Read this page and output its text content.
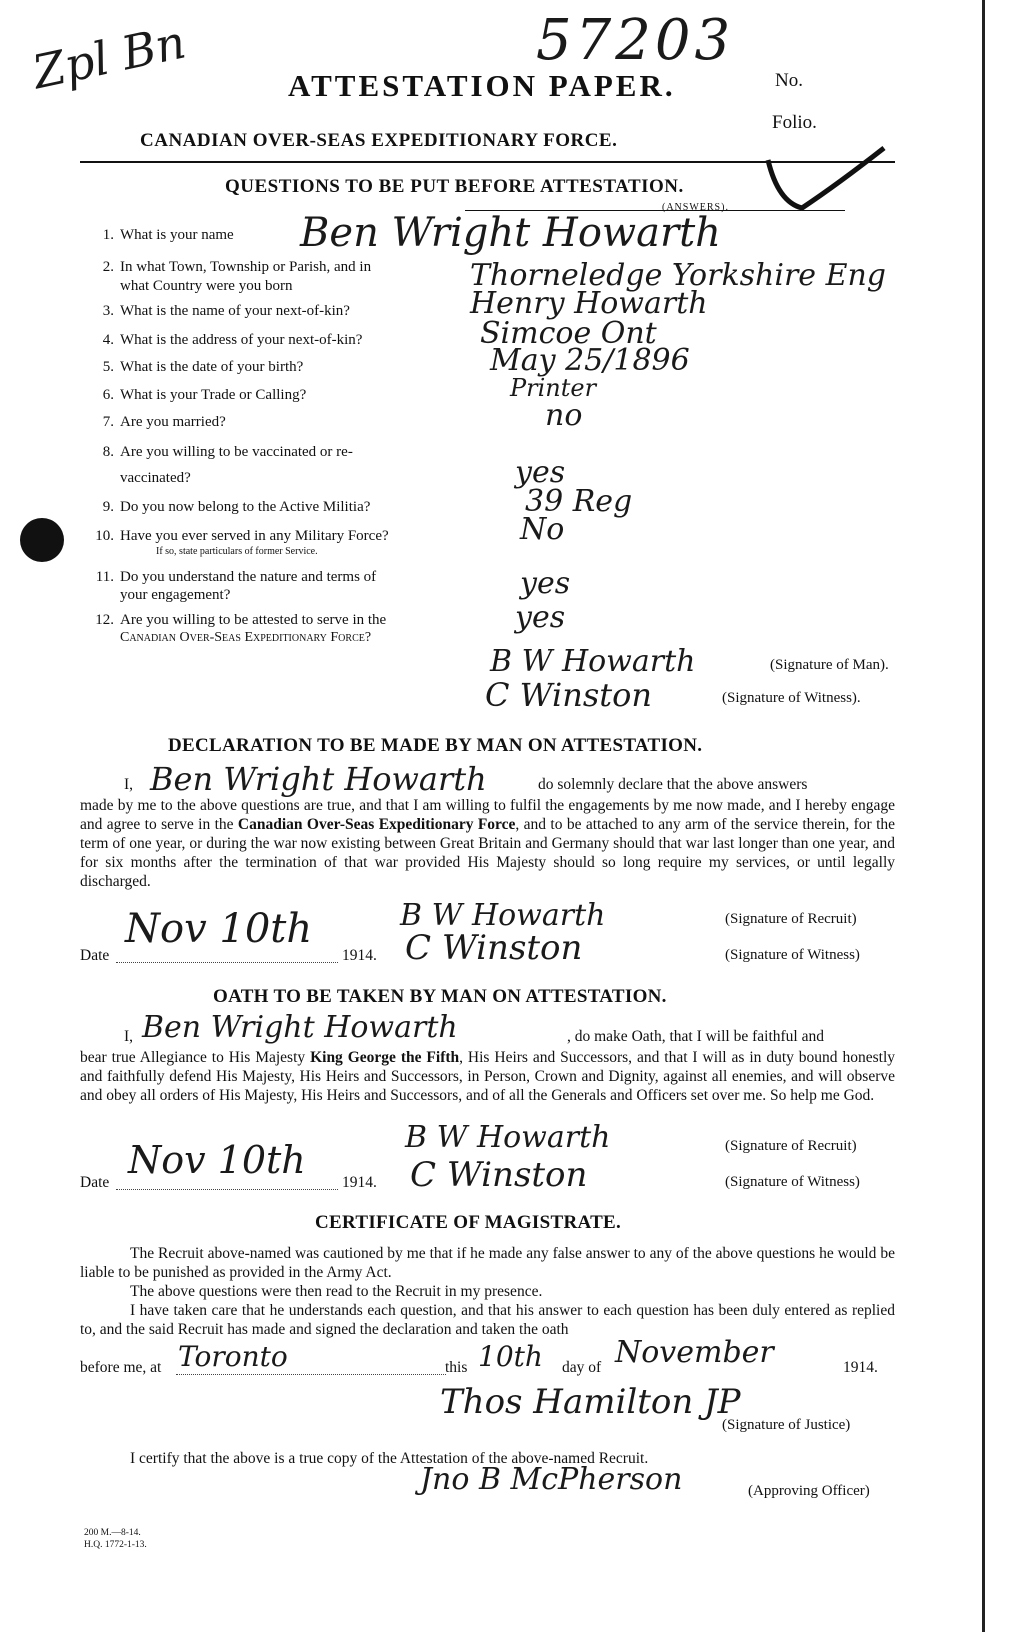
Zpl Bn	57203
ATTESTATION PAPER.	No.
Folio.
CANADIAN OVER-SEAS EXPEDITIONARY FORCE.
QUESTIONS TO BE PUT BEFORE ATTESTATION.
(ANSWERS).
1. What is your name Ben Wright Howarth
2. In what Town, Township or Parish, and in
what Country were you born	Thorneledge Yorkshire Eng
3. What is the name of your next-of-kin?	Henry Howarth
4. What is the address of your next-of-kin?	Simcoe Ont
5. What is the date of your birth?	May 25/1896
6. What is your Trade or Calling?	Printer
7. Are you married?	no
8. Are you willing to be vaccinated or re-
vaccinated?	yes
9. Do you now belong to the Active Militia?	39 Reg
10. Have you ever served in any Military Force?
If so, state particulars of former Service.
No
11. Do you understand the nature and terms of
your engagement?	yes
12. Are you willing to be attested to serve in the
Canadian Over-Seas Expeditionary Force?
yes
B W Howarth	(Signature of Man).
C Winston	(Signature of Witness).
DECLARATION TO BE MADE BY MAN ON ATTESTATION.
I, Ben Wright Howarth	do solemnly declare that the above answers
made by me to the above questions are true, and that I am willing to fulfil the engagements by me now made, and I hereby engage and agree to serve in the Canadian Over-Seas Expeditionary Force, and to be attached to any arm of the service therein, for the term of one year, or during the war now existing between Great Britain and Germany should that war last longer than one year, and for six months after the termination of that war provided His Majesty should so long require my services, or until legally discharged.
B W Howarth	(Signature of Recruit)
Date
Nov 10th
1914. C Winston	(Signature of Witness)
OATH TO BE TAKEN BY MAN ON ATTESTATION.
I, Ben Wright Howarth	, do make Oath, that I will be faithful and
bear true Allegiance to His Majesty King George the Fifth, His Heirs and Successors, and that I will as in duty bound honestly and faithfully defend His Majesty, His Heirs and Successors, in Person, Crown and Dignity, against all enemies, and will observe and obey all orders of His Majesty, His Heirs and Successors, and of all the Generals and Officers set over me. So help me God.
B W Howarth	(Signature of Recruit)
Date
Nov 10th
1914. C Winston	(Signature of Witness)
CERTIFICATE OF MAGISTRATE.
The Recruit above-named was cautioned by me that if he made any false answer to any of the above questions he would be liable to be punished as provided in the Army Act.
The above questions were then read to the Recruit in my presence.
I have taken care that he understands each question, and that his answer to each question has been duly entered as replied to, and the said Recruit has made and signed the declaration and taken the oath
before me, at Toronto	this 10th day of November	1914.
Thos Hamilton JP
(Signature of Justice)
I certify that the above is a true copy of the Attestation of the above-named Recruit.
Jno B McPherson	(Approving Officer)
200 M.—8-14.
H.Q. 1772-1-13.
